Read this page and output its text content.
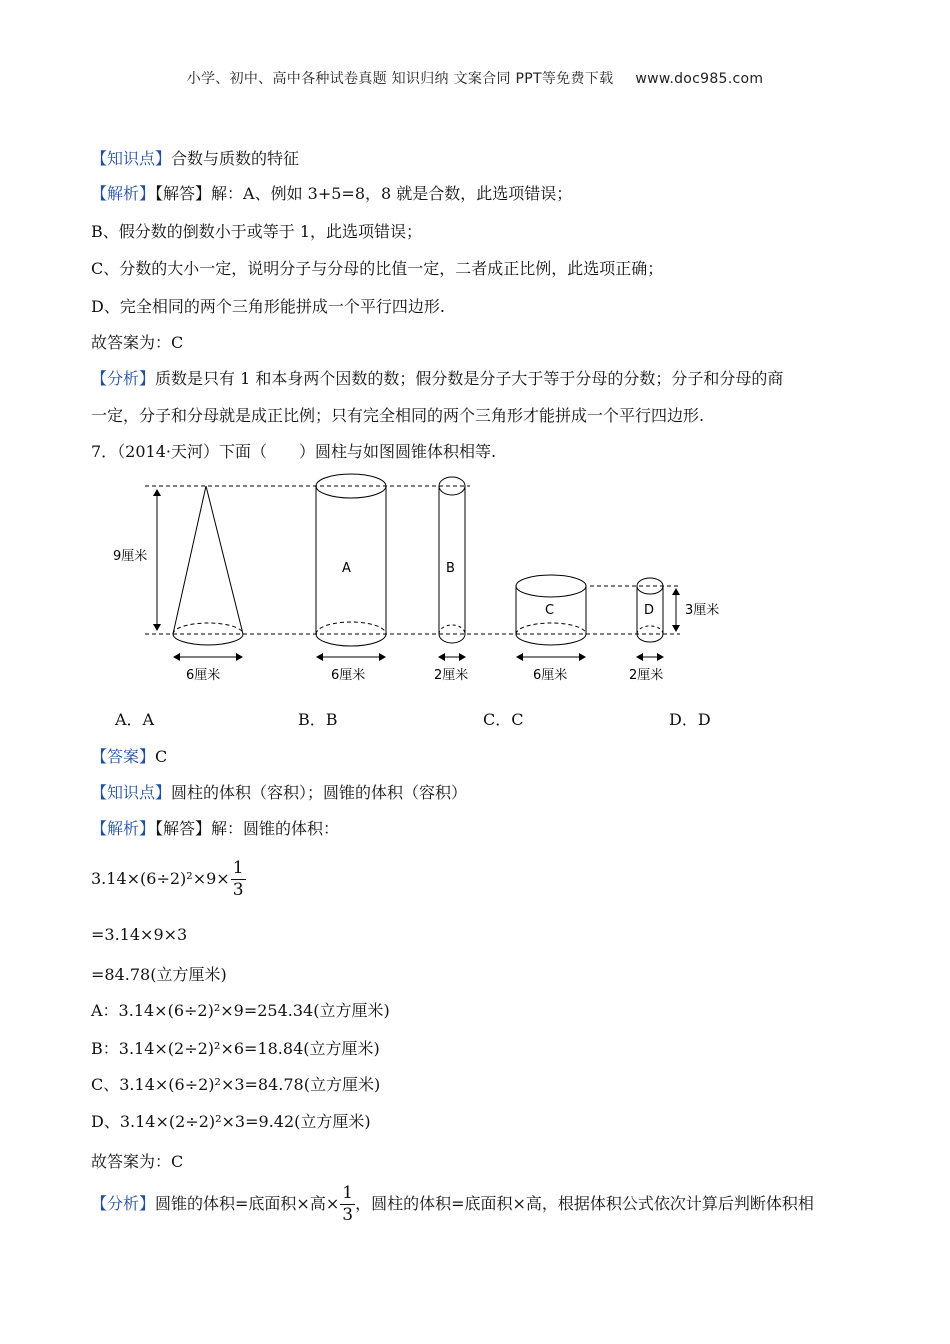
小学、初中、高中各种试卷真题 知识归纳 文案合同 PPT等免费下载 www.doc985.com
【知识点】合数与质数的特征
【解析】【解答】解：A、例如 3+5=8，8 就是合数，此选项错误；
B、假分数的倒数小于或等于 1，此选项错误；
C、分数的大小一定，说明分子与分母的比值一定，二者成正比例，此选项正确；
D、完全相同的两个三角形能拼成一个平行四边形.
故答案为：C
【分析】质数是只有 1 和本身两个因数的数；假分数是分子大于等于分母的分数；分子和分母的商
一定，分子和分母就是成正比例；只有完全相同的两个三角形才能拼成一个平行四边形.
7．（2014·天河）下面（　　）圆柱与如图圆锥体积相等.
9厘米
6厘米
A
6厘米
B
2厘米
C
6厘米
D
2厘米
3厘米
A．A	B．B	C．C	D．D
【答案】C
【知识点】圆柱的体积（容积）；圆锥的体积（容积）
【解析】【解答】解：圆锥的体积：
$3.14\times(6\div 2)^2\times 9\times \frac{1}{3}$
=3.14×9×3
=84.78(立方厘米)
A：3.14×(6÷2)²×9=254.34(立方厘米)
B：3.14×(2÷2)²×6=18.84(立方厘米)
C、3.14×(6÷2)²×3=84.78(立方厘米)
D、3.14×(2÷2)²×3=9.42(立方厘米)
故答案为：C
【分析】圆锥的体积=底面积×高× $\frac{1}{3}$ ，圆柱的体积=底面积×高，根据体积公式依次计算后判断体积相
